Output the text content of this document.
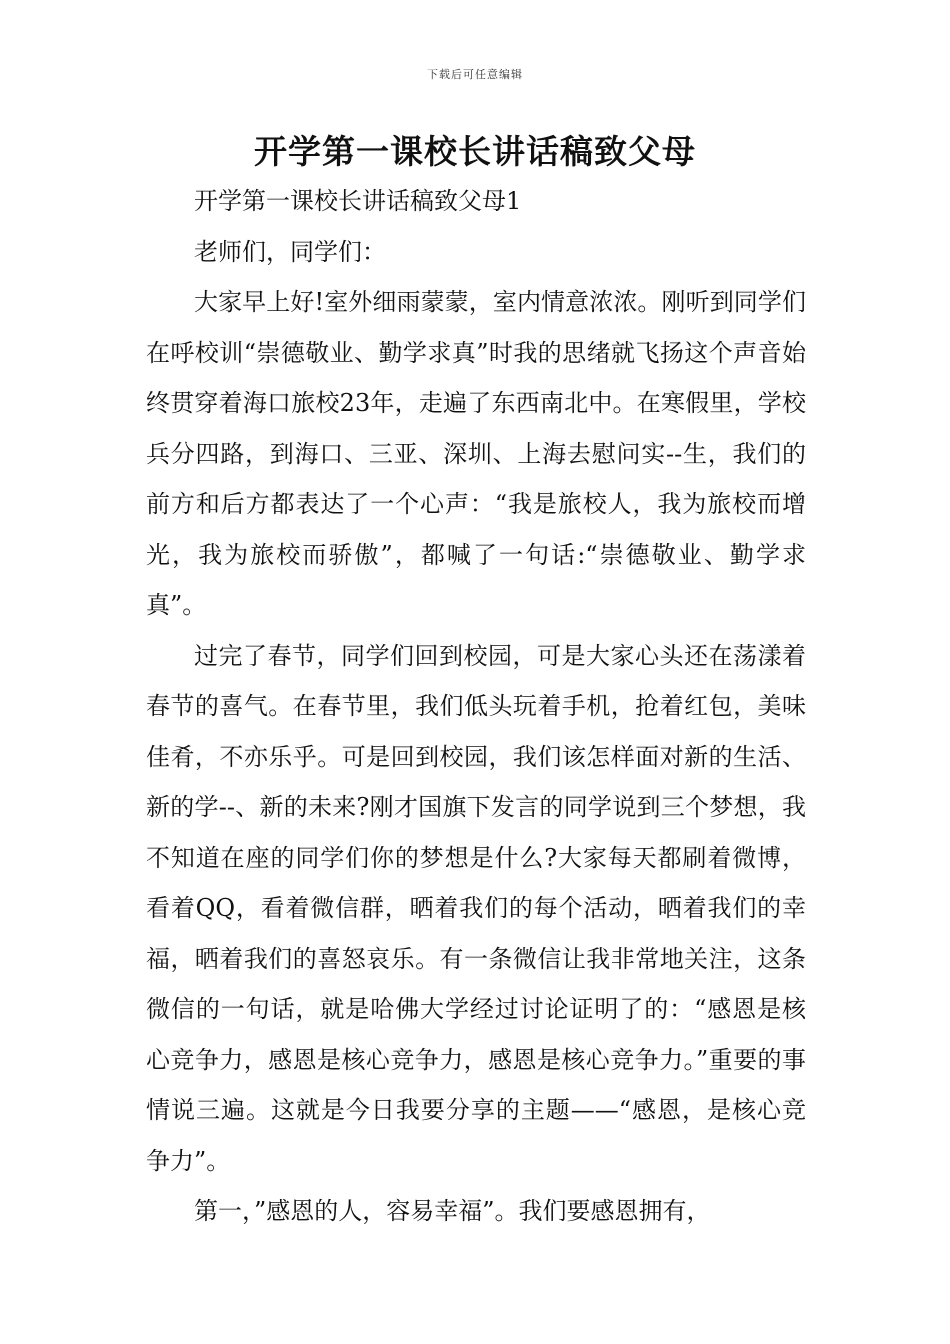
下载后可任意编辑
开学第一课校长讲话稿致父母

开学第一课校长讲话稿致父母1

老师们，同学们：

大家早上好!室外细雨蒙蒙，室内情意浓浓。刚听到同学们在呼校训“崇德敬业、勤学求真”时我的思绪就飞扬这个声音始终贯穿着海口旅校23年，走遍了东西南北中。在寒假里，学校兵分四路，到海口、三亚、深圳、上海去慰问实--生，我们的前方和后方都表达了一个心声：“我是旅校人，我为旅校而增光，我为旅校而骄傲”，都喊了一句话:“崇德敬业、勤学求真”。

过完了春节，同学们回到校园，可是大家心头还在荡漾着春节的喜气。在春节里，我们低头玩着手机，抢着红包，美味佳肴，不亦乐乎。可是回到校园，我们该怎样面对新的生活、新的学--、新的未来?刚才国旗下发言的同学说到三个梦想，我不知道在座的同学们你的梦想是什么?大家每天都刷着微博，看着QQ，看着微信群，晒着我们的每个活动，晒着我们的幸福，晒着我们的喜怒哀乐。有一条微信让我非常地关注，这条微信的一句话，就是哈佛大学经过讨论证明了的：“感恩是核心竞争力，感恩是核心竞争力，感恩是核心竞争力。”重要的事情说三遍。这就是今日我要分享的主题——“感恩，是核心竞争力”。

第一，”感恩的人，容易幸福”。我们要感恩拥有，
